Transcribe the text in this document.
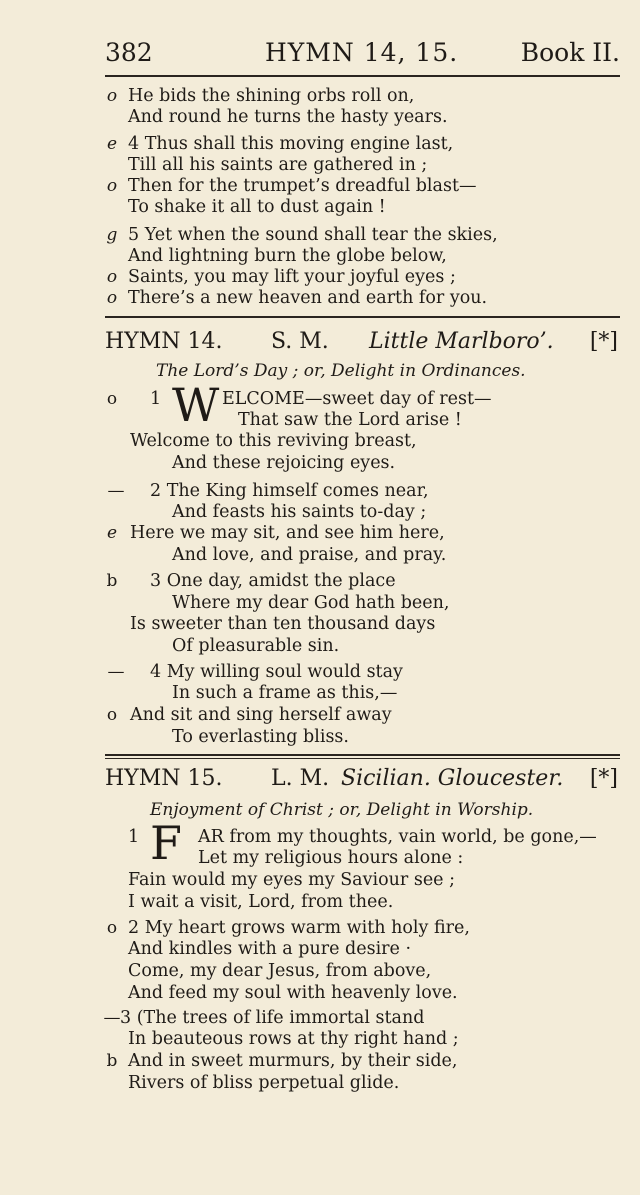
382	HYMN 14, 15.	Book II.
o He bids the shining orbs roll on,
And round he turns the hasty years.
e 4 Thus shall this moving engine last,
Till all his saints are gathered in ;
o Then for the trumpet’s dreadful blast—
To shake it all to dust again !
g 5 Yet when the sound shall tear the skies,
And lightning burn the globe below,
o Saints, you may lift your joyful eyes ;
o There’s a new heaven and earth for you.
HYMN 14. S. M. Little Marlboro’. [*]
The Lord’s Day ; or, Delight in Ordinances.
o 1 W ELCOME—sweet day of rest—
That saw the Lord arise !
Welcome to this reviving breast,
And these rejoicing eyes.
— 2 The King himself comes near,
And feasts his saints to-day ;
e Here we may sit, and see him here,
And love, and praise, and pray.
b 3 One day, amidst the place
Where my dear God hath been,
Is sweeter than ten thousand days
Of pleasurable sin.
— 4 My willing soul would stay
In such a frame as this,—
o And sit and sing herself away
To everlasting bliss.
HYMN 15. L. M. Sicilian. Gloucester. [*]
Enjoyment of Christ ; or, Delight in Worship.
1 F AR from my thoughts, vain world, be gone,—
Let my religious hours alone :
Fain would my eyes my Saviour see ;
I wait a visit, Lord, from thee.
o 2 My heart grows warm with holy fire,
And kindles with a pure desire ·
Come, my dear Jesus, from above,
And feed my soul with heavenly love.
— 3 (The trees of life immortal stand
In beauteous rows at thy right hand ;
b And in sweet murmurs, by their side,
Rivers of bliss perpetual glide.
